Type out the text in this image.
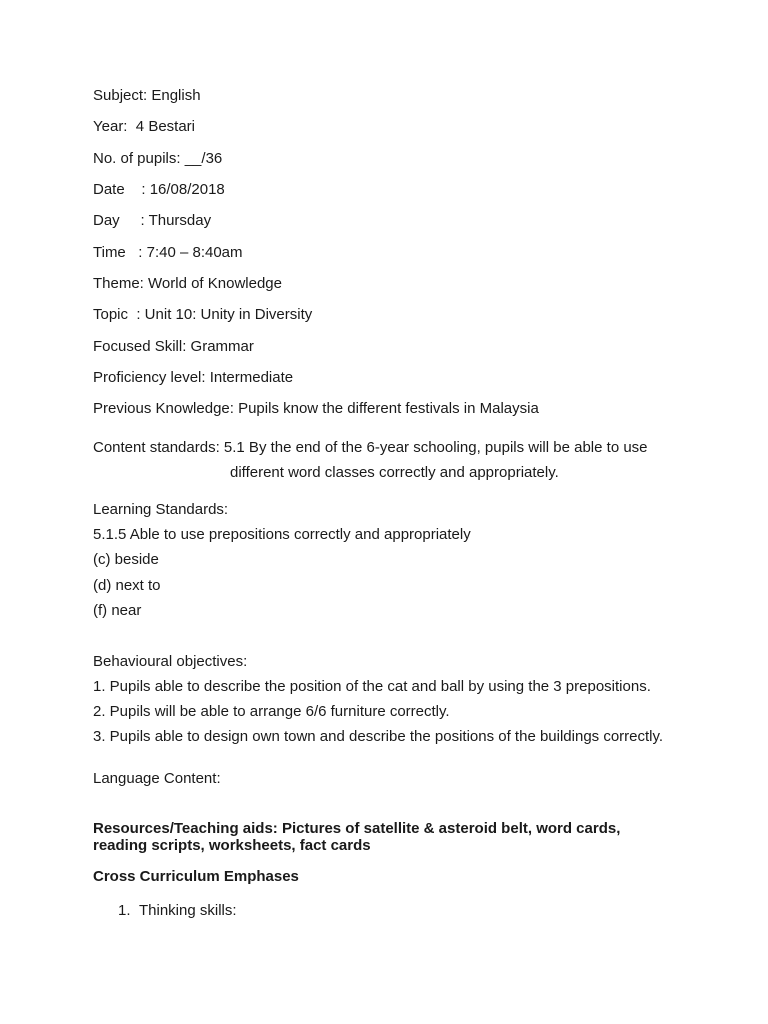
Subject: English
Year:  4 Bestari
No. of pupils: __/36
Date    : 16/08/2018
Day     : Thursday
Time   : 7:40 – 8:40am
Theme: World of Knowledge
Topic  : Unit 10: Unity in Diversity
Focused Skill: Grammar
Proficiency level: Intermediate
Previous Knowledge: Pupils know the different festivals in Malaysia
Content standards: 5.1 By the end of the 6-year schooling, pupils will be able to use
different word classes correctly and appropriately.
Learning Standards:
5.1.5 Able to use prepositions correctly and appropriately
(c) beside
(d) next to
(f) near
Behavioural objectives:
1. Pupils able to describe the position of the cat and ball by using the 3 prepositions.
2. Pupils will be able to arrange 6/6 furniture correctly.
3. Pupils able to design own town and describe the positions of the buildings correctly.
Language Content:
Resources/Teaching aids: Pictures of satellite & asteroid belt, word cards,
reading scripts, worksheets, fact cards
Cross Curriculum Emphases
1. Thinking skills:
